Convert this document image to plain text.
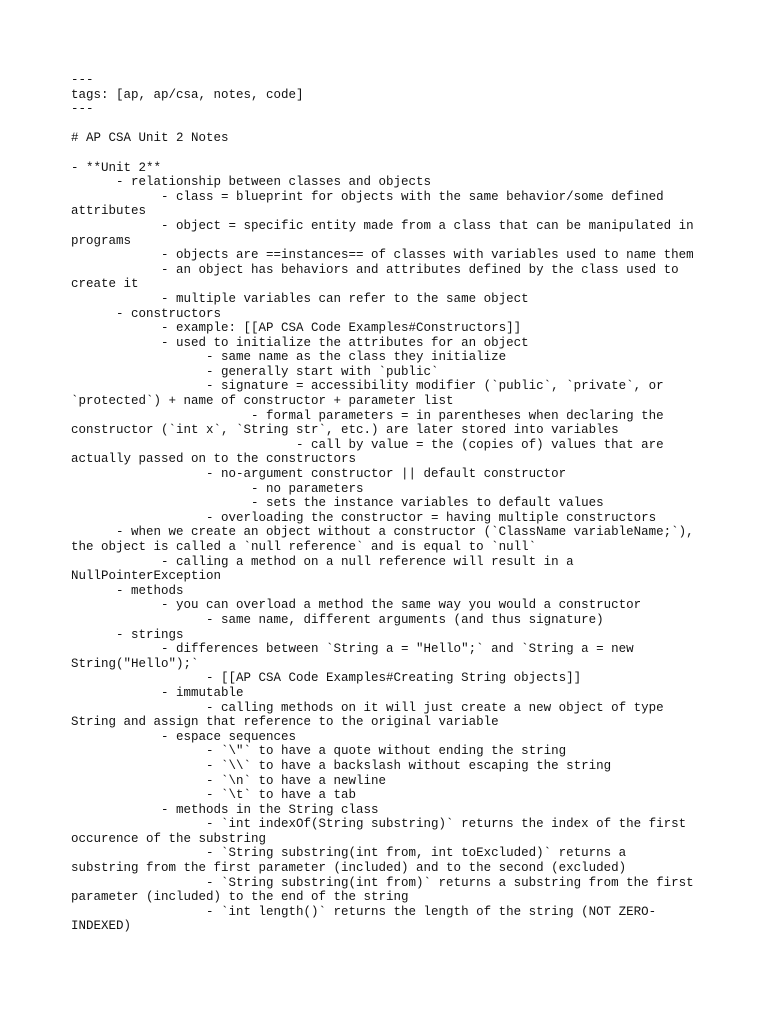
---
tags: [ap, ap/csa, notes, code]
---
# AP CSA Unit 2 Notes
- **Unit 2**
- relationship between classes and objects
- class = blueprint for objects with the same behavior/some defined
attributes
- object = specific entity made from a class that can be manipulated in
programs
- objects are ==instances== of classes with variables used to name them
- an object has behaviors and attributes defined by the class used to
create it
- multiple variables can refer to the same object
- constructors
- example: [[AP CSA Code Examples#Constructors]]
- used to initialize the attributes for an object
- same name as the class they initialize
- generally start with `public`
- signature = accessibility modifier (`public`, `private`, or
`protected`) + name of constructor + parameter list
- formal parameters = in parentheses when declaring the
constructor (`int x`, `String str`, etc.) are later stored into variables
- call by value = the (copies of) values that are
actually passed on to the constructors
- no-argument constructor || default constructor
- no parameters
- sets the instance variables to default values
- overloading the constructor = having multiple constructors
- when we create an object without a constructor (`ClassName variableName;`),
the object is called a `null reference` and is equal to `null`
- calling a method on a null reference will result in a
NullPointerException
- methods
- you can overload a method the same way you would a constructor
- same name, different arguments (and thus signature)
- strings
- differences between `String a = "Hello";` and `String a = new
String("Hello");`
- [[AP CSA Code Examples#Creating String objects]]
- immutable
- calling methods on it will just create a new object of type
String and assign that reference to the original variable
- espace sequences
- `\"` to have a quote without ending the string
- `\\` to have a backslash without escaping the string
- `\n` to have a newline
- `\t` to have a tab
- methods in the String class
- `int indexOf(String substring)` returns the index of the first
occurence of the substring
- `String substring(int from, int toExcluded)` returns a
substring from the first parameter (included) and to the second (excluded)
- `String substring(int from)` returns a substring from the first
parameter (included) to the end of the string
- `int length()` returns the length of the string (NOT ZERO-
INDEXED)
